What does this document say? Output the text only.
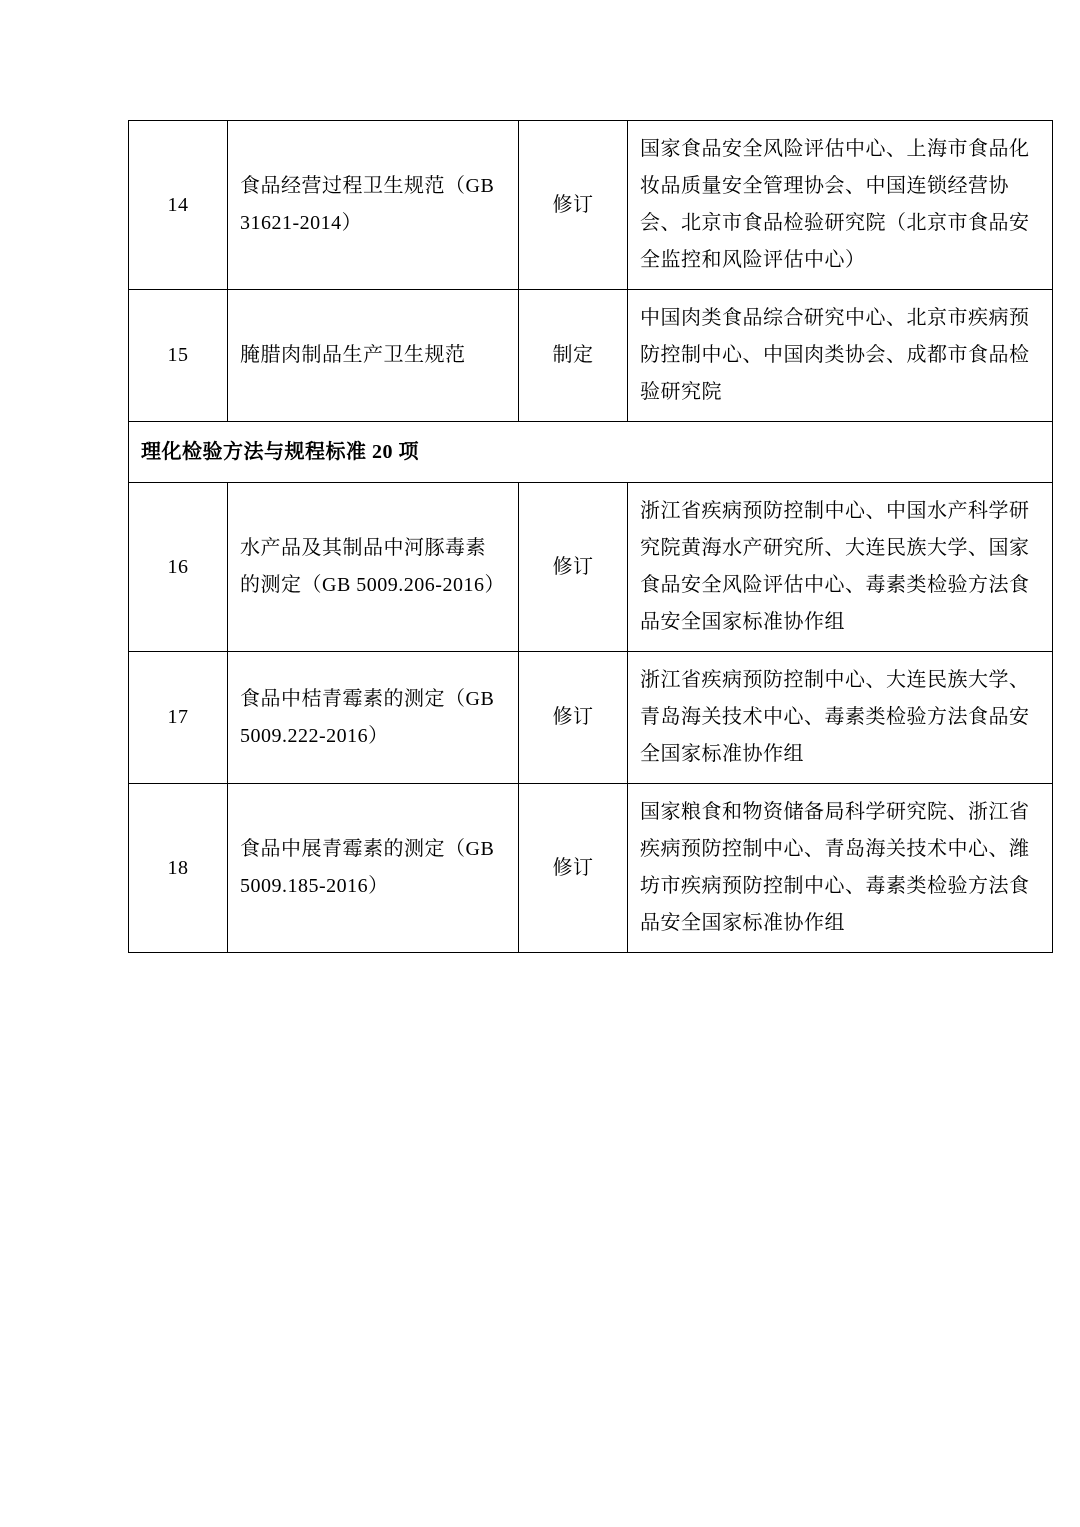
14	食品经营过程卫生规范（GB 31621-2014）	修订	国家食品安全风险评估中心、上海市食品化妆品质量安全管理协会、中国连锁经营协会、北京市食品检验研究院（北京市食品安全监控和风险评估中心）
15	腌腊肉制品生产卫生规范	制定	中国肉类食品综合研究中心、北京市疾病预防控制中心、中国肉类协会、成都市食品检验研究院
理化检验方法与规程标准 20 项			
16	水产品及其制品中河豚毒素的测定（GB 5009.206-2016）	修订	浙江省疾病预防控制中心、中国水产科学研究院黄海水产研究所、大连民族大学、国家食品安全风险评估中心、毒素类检验方法食品安全国家标准协作组
17	食品中桔青霉素的测定（GB 5009.222-2016）	修订	浙江省疾病预防控制中心、大连民族大学、青岛海关技术中心、毒素类检验方法食品安全国家标准协作组
18	食品中展青霉素的测定（GB 5009.185-2016）	修订	国家粮食和物资储备局科学研究院、浙江省疾病预防控制中心、青岛海关技术中心、潍坊市疾病预防控制中心、毒素类检验方法食品安全国家标准协作组
